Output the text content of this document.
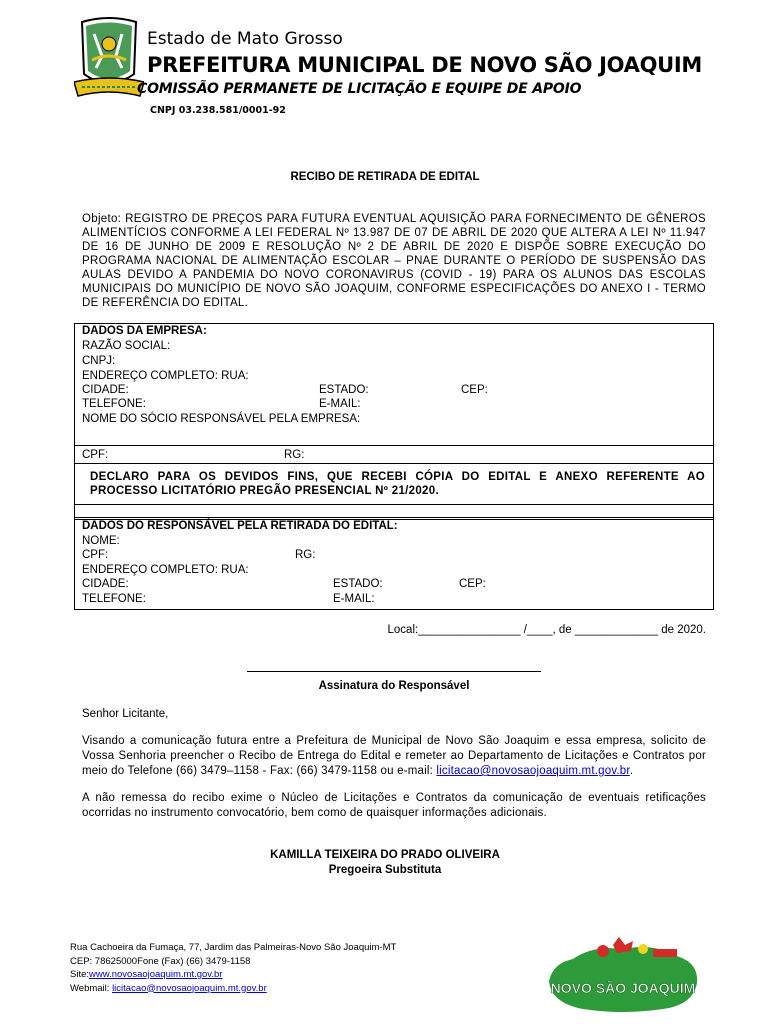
Estado de Mato Grosso
PREFEITURA MUNICIPAL DE NOVO SÃO JOAQUIM
COMISSÃO PERMANETE DE LICITAÇÃO E EQUIPE DE APOIO
CNPJ 03.238.581/0001-92
RECIBO DE RETIRADA DE EDITAL
Objeto: REGISTRO DE PREÇOS PARA FUTURA EVENTUAL AQUISIÇÃO PARA FORNECIMENTO DE GÊNEROS ALIMENTÍCIOS CONFORME A LEI FEDERAL Nº 13.987 DE 07 DE ABRIL DE 2020 QUE ALTERA A LEI Nº 11.947 DE 16 DE JUNHO DE 2009 E RESOLUÇÃO Nº 2 DE ABRIL DE 2020 E DISPÕE SOBRE EXECUÇÃO DO PROGRAMA NACIONAL DE ALIMENTAÇÃO ESCOLAR – PNAE DURANTE O PERÍODO DE SUSPENSÃO DAS AULAS DEVIDO A PANDEMIA DO NOVO CORONAVIRUS (COVID - 19) PARA OS ALUNOS DAS ESCOLAS MUNICIPAIS DO MUNICÍPIO DE NOVO SÃO JOAQUIM, CONFORME ESPECIFICAÇÕES DO ANEXO I - TERMO DE REFERÊNCIA DO EDITAL.
DADOS DA EMPRESA:
RAZÃO SOCIAL:
CNPJ:
ENDEREÇO COMPLETO: RUA:
CIDADE:	ESTADO:	CEP:
TELEFONE:	E-MAIL:
NOME DO SÓCIO RESPONSÁVEL PELA EMPRESA:
CPF:	RG:
DECLARO PARA OS DEVIDOS FINS, QUE RECEBI CÓPIA DO EDITAL E ANEXO REFERENTE AO PROCESSO LICITATÓRIO PREGÃO PRESENCIAL Nº 21/2020.
DADOS DO RESPONSÁVEL PELA RETIRADA DO EDITAL:
NOME:
CPF:	RG:
ENDEREÇO COMPLETO: RUA:
CIDADE:	ESTADO:	CEP:
TELEFONE:	E-MAIL:
Local:________________ /____, de _____________ de 2020.
Assinatura do Responsável
Senhor Licitante,
Visando a comunicação futura entre a Prefeitura de Municipal de Novo São Joaquim e essa empresa, solicito de Vossa Senhoria preencher o Recibo de Entrega do Edital e remeter ao Departamento de Licitações e Contratos por meio do Telefone (66) 3479–1158 - Fax: (66) 3479-1158 ou e-mail: licitacao@novosaojoaquim.mt.gov.br.
A não remessa do recibo exime o Núcleo de Licitações e Contratos da comunicação de eventuais retificações ocorridas no instrumento convocatório, bem como de quaisquer informações adicionais.
KAMILLA TEIXEIRA DO PRADO OLIVEIRA
Pregoeira Substituta
Rua Cachoeira da Fumaça, 77, Jardim das Palmeiras-Novo São Joaquim-MT
CEP: 78625000Fone (Fax) (66) 3479-1158
Site:www.novosaojoaquim.mt.gov.br
Webmail: licitacao@novosaojoaquim.mt.gov.br	NOVO SÃO JOAQUIM
